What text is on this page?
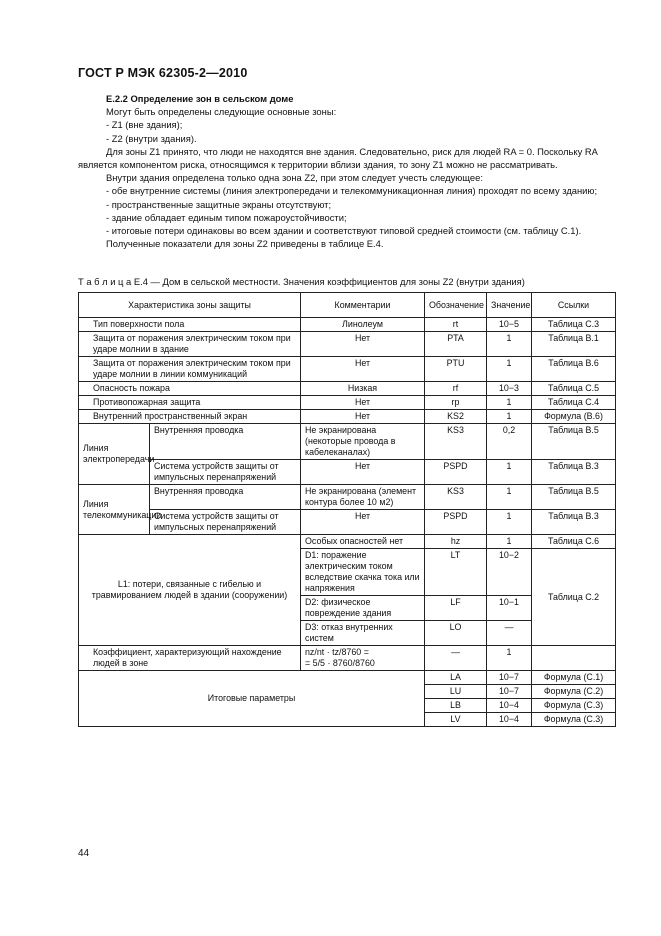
ГОСТ Р МЭК 62305-2—2010

Е.2.2 Определение зон в сельском доме

Могут быть определены следующие основные зоны:

- Z1 (вне здания);

- Z2 (внутри здания).

Для зоны Z1 принято, что люди не находятся вне здания. Следовательно, риск для людей RA = 0. Поскольку RA является компонентом риска, относящимся к территории вблизи здания, то зону Z1 можно не рассматривать.

Внутри здания определена только одна зона Z2, при этом следует учесть следующее:

- обе внутренние системы (линия электропередачи и телекоммуникационная линия) проходят по всему зданию;

- пространственные защитные экраны отсутствуют;

- здание обладает единым типом пожароустойчивости;

- итоговые потери одинаковы во всем здании и соответствуют типовой средней стоимости (см. таблицу С.1).

Полученные показатели для зоны Z2 приведены в таблице Е.4.

Т а б л и ц а Е.4 — Дом в сельской местности. Значения коэффициентов для зоны Z2 (внутри здания)
Характеристика зоны защиты		Комментарии	Обозначение	Значение	Ссылки
Тип поверхности пола		Линолеум	rt	10−5	Таблица С.3
Защита от поражения электрическим током при ударе молнии в здание		Нет	PTA	1	Таблица В.1
Защита от поражения электрическим током при ударе молнии в линии коммуникаций		Нет	PTU	1	Таблица В.6
Опасность пожара		Низкая	rf	10−3	Таблица С.5
Противопожарная защита		Нет	rp	1	Таблица С.4
Внутренний пространственный экран		Нет	KS2	1	Формула (В.6)
Линия электропередачи	Внутренняя проводка	Не экранирована (некоторые провода в кабелеканалах)	KS3	0,2	Таблица В.5
	Система устройств защиты от импульсных перенапряжений	Нет	PSPD	1	Таблица В.3
Линия телекоммуникации	Внутренняя проводка	Не экранирована (элемент контура более 10 м2)	KS3	1	Таблица В.5
	Система устройств защиты от импульсных перенапряжений	Нет	PSPD	1	Таблица В.3
L1: потери, связанные с гибелью и травмированием людей в здании (сооружении)		Особых опасностей нет	hz	1	Таблица С.6
		D1: поражение электрическим током вследствие скачка тока или напряжения	LT	10−2	Таблица С.2
		D2: физическое повреждение здания	LF	10−1	
		D3: отказ внутренних систем	LO	—	
Коэффициент, характеризующий нахождение людей в зоне		nz/nt · tz/8760 =
= 5/5 · 8760/8760	—	1	
Итоговые параметры			LA	10−7	Формула (С.1)
			LU	10−7	Формула (С.2)
			LB	10−4	Формула (С.3)
			LV	10−4	Формула (С.3)
44
